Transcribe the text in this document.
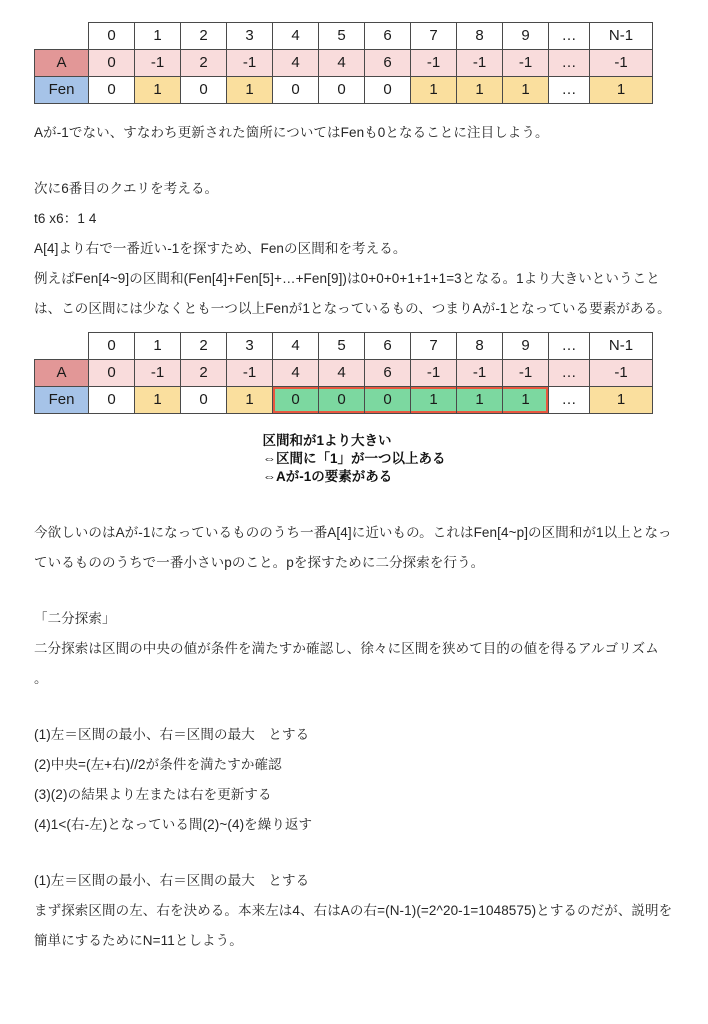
	0	1	2	3	4	5	6	7	8	9	…	N-1
A	0	-1	2	-1	4	4	6	-1	-1	-1	…	-1
Fen	0	1	0	1	0	0	0	1	1	1	…	1

Aが-1でない、すなわち更新された箇所についてはFenも0となることに注目しよう。

次に6番目のクエリを考える。

t6 x6：1 4

A[4]より右で一番近い-1を探すため、Fenの区間和を考える。

例えばFen[4~9]の区間和(Fen[4]+Fen[5]+…+Fen[9])は0+0+0+1+1+1=3となる。1より大きいということは、この区間には少なくとも一つ以上Fenが1となっているもの、つまりAが-1となっている要素がある。

	0	1	2	3	4	5	6	7	8	9	…	N-1
A	0	-1	2	-1	4	4	6	-1	-1	-1	…	-1
Fen	0	1	0	1	0	0	0	1	1	1	…	1
区間和が1より大きい
⇔区間に「1」が一つ以上ある
⇔Aが-1の要素がある

今欲しいのはAが-1になっているもののうち一番A[4]に近いもの。これはFen[4~p]の区間和が1以上となっているもののうちで一番小さいpのこと。pを探すために二分探索を行う。

「二分探索」

二分探索は区間の中央の値が条件を満たすか確認し、徐々に区間を狭めて目的の値を得るアルゴリズム

。

(1)左＝区間の最小、右＝区間の最大　とする

(2)中央=(左+右)//2が条件を満たすか確認

(3)(2)の結果より左または右を更新する

(4)1<(右-左)となっている間(2)~(4)を繰り返す

(1)左＝区間の最小、右＝区間の最大　とする

まず探索区間の左、右を決める。本来左は4、右はAの右=(N-1)(=2^20-1=1048575)とするのだが、説明を簡単にするためにN=11としよう。
